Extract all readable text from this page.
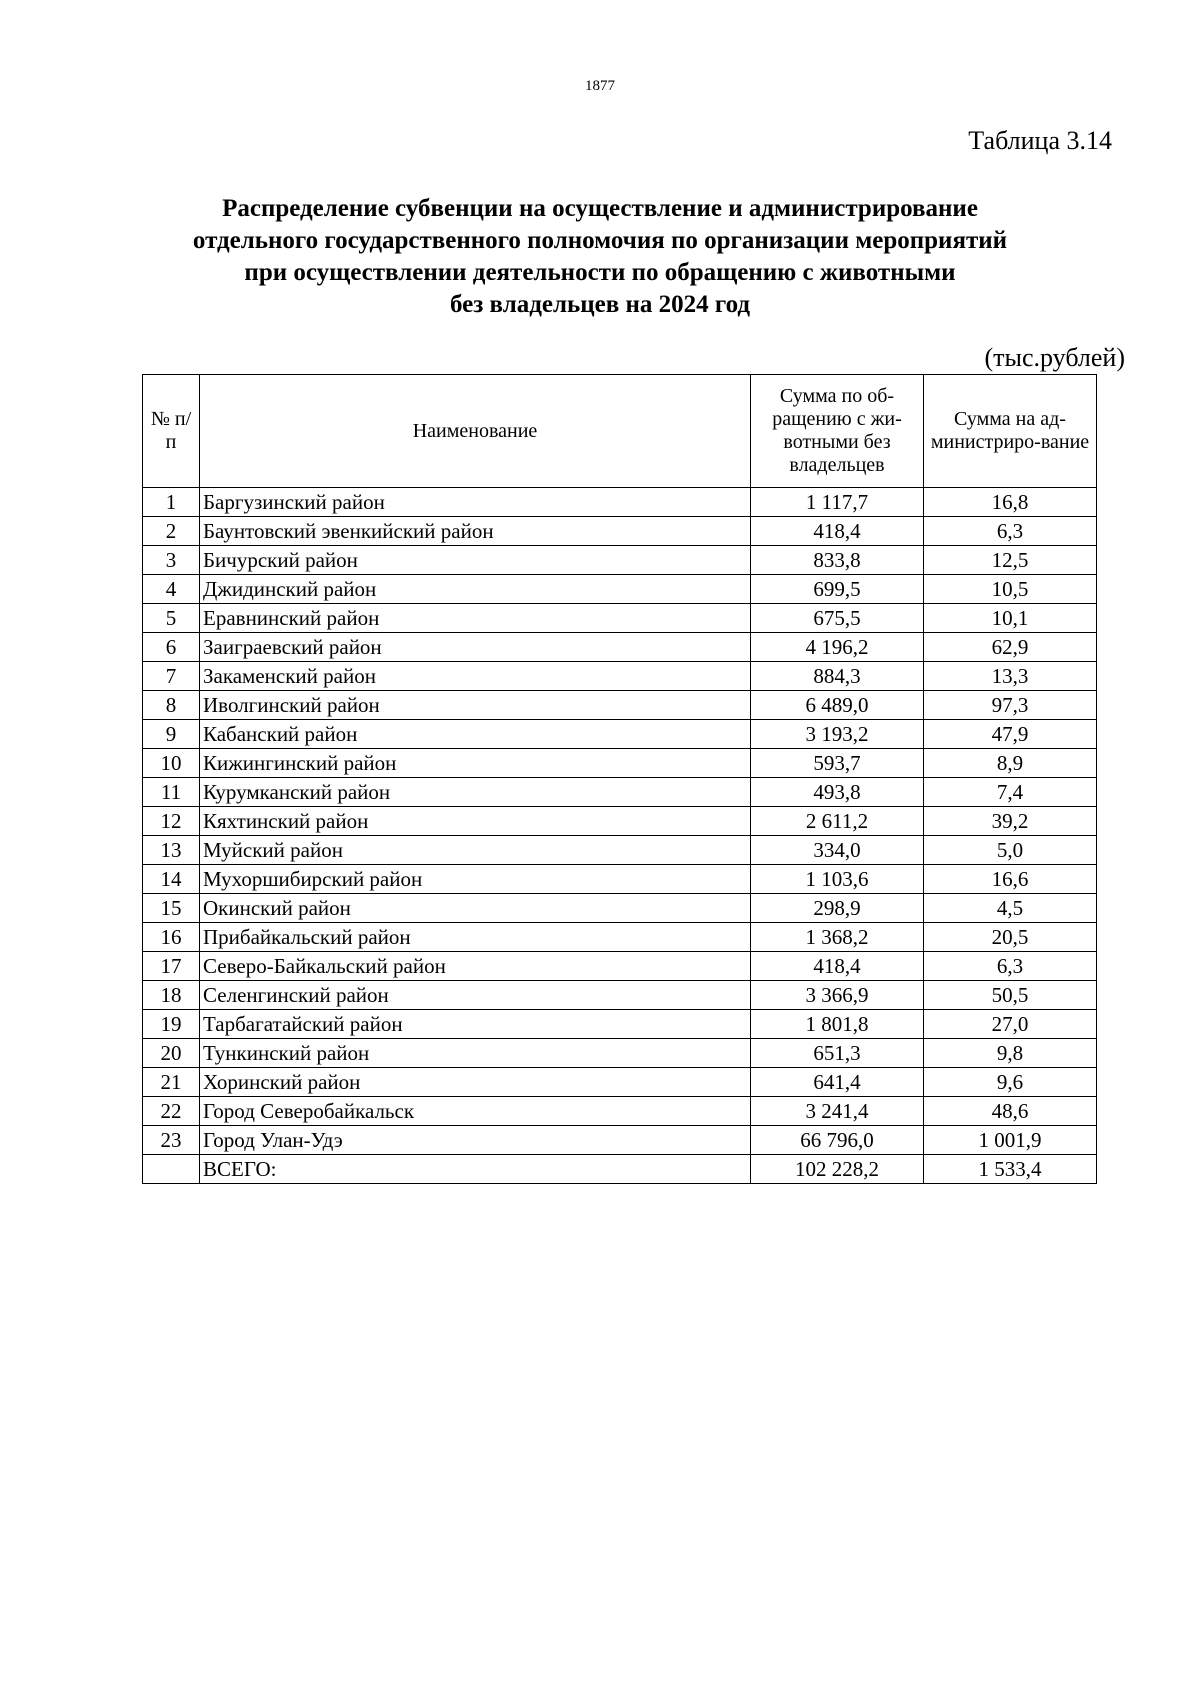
1877
Таблица 3.14
Распределение субвенции на осуществление и администрирование
отдельного государственного полномочия по организации мероприятий
при осуществлении деятельности по обращению с животными
без владельцев на 2024 год
(тыс.рублей)
№ п/п	Наименование	Сумма по об-ращению с жи-вотными без владельцев	Сумма на ад-министриро-вание
1	Баргузинский район	1 117,7	16,8
2	Баунтовский эвенкийский район	418,4	6,3
3	Бичурский район	833,8	12,5
4	Джидинский район	699,5	10,5
5	Еравнинский район	675,5	10,1
6	Заиграевский район	4 196,2	62,9
7	Закаменский район	884,3	13,3
8	Иволгинский район	6 489,0	97,3
9	Кабанский район	3 193,2	47,9
10	Кижингинский район	593,7	8,9
11	Курумканский район	493,8	7,4
12	Кяхтинский район	2 611,2	39,2
13	Муйский район	334,0	5,0
14	Мухоршибирский район	1 103,6	16,6
15	Окинский район	298,9	4,5
16	Прибайкальский район	1 368,2	20,5
17	Северо-Байкальский район	418,4	6,3
18	Селенгинский район	3 366,9	50,5
19	Тарбагатайский район	1 801,8	27,0
20	Тункинский район	651,3	9,8
21	Хоринский район	641,4	9,6
22	Город Северобайкальск	3 241,4	48,6
23	Город Улан-Удэ	66 796,0	1 001,9
	ВСЕГО:	102 228,2	1 533,4
